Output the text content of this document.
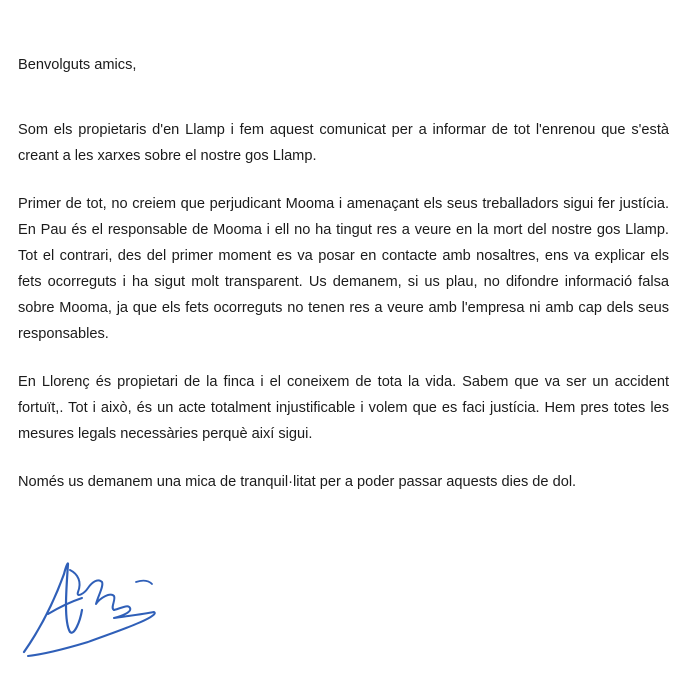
Benvolguts amics,

Som els propietaris d'en Llamp i fem aquest comunicat per a informar de tot l'enrenou que s'està creant a les xarxes sobre el nostre gos Llamp.

Primer de tot, no creiem que perjudicant Mooma i amenaçant els seus treballadors sigui fer justícia. En Pau és el responsable de Mooma i ell no ha tingut res a veure en la mort del nostre gos Llamp. Tot el contrari, des del primer moment es va posar en contacte amb nosaltres, ens va explicar els fets ocorreguts i ha sigut molt transparent. Us demanem, si us plau, no difondre informació falsa sobre Mooma, ja que els fets ocorreguts no tenen res a veure amb l'empresa ni amb cap dels seus responsables.

En Llorenç és propietari de la finca i el coneixem de tota la vida. Sabem que va ser un accident fortuït,. Tot i això, és un acte totalment injustificable i volem que es faci justícia. Hem pres totes les mesures legals necessàries perquè així sigui.

Només us demanem una mica de tranquil·litat per a poder passar aquests dies de dol.
